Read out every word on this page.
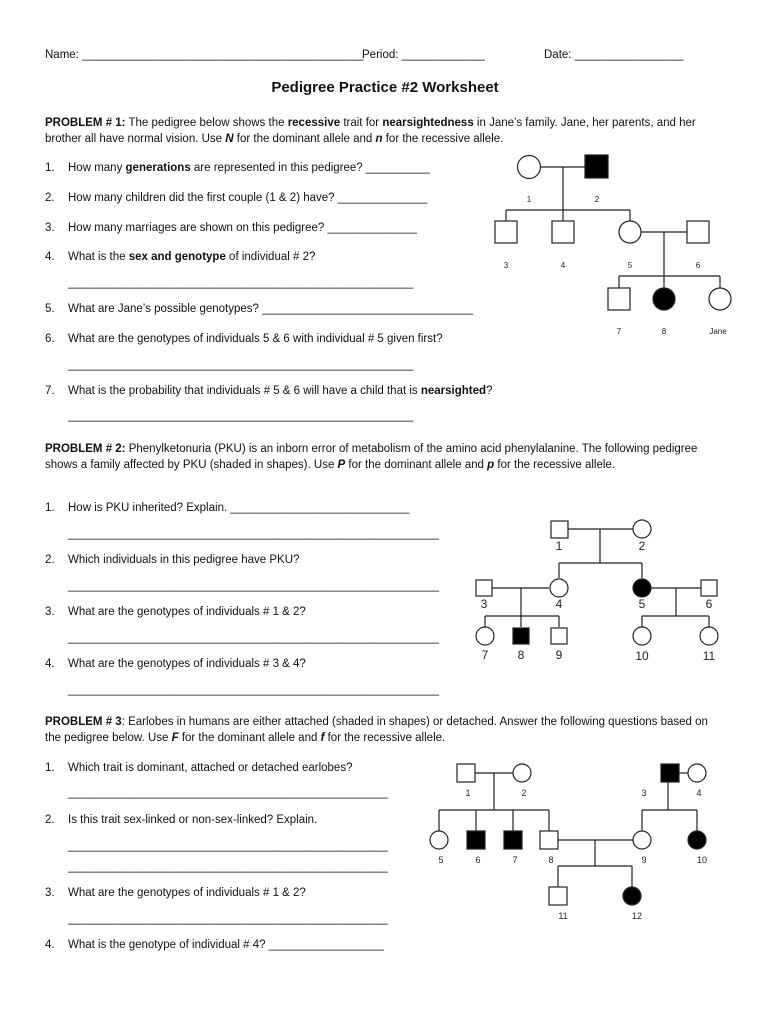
Name: ____________________________________________
Period: _____________	Date: _________________
Pedigree Practice #2 Worksheet
PROBLEM # 1: The pedigree below shows the recessive trait for nearsightedness in Jane’s family. Jane, her parents, and her brother all have normal vision. Use N for the dominant allele and n for the recessive allele.
1. How many generations are represented in this pedigree? __________
2. How many children did the first couple (1 & 2) have? ______________
3. How many marriages are shown on this pedigree? ______________
4. What is the sex and genotype of individual # 2?
______________________________________________________
5. What are Jane’s possible genotypes? _________________________________
6. What are the genotypes of individuals 5 & 6 with individual # 5 given first?
______________________________________________________
7. What is the probability that individuals # 5 & 6 will have a child that is nearsighted?
______________________________________________________
PROBLEM # 2: Phenylketonuria (PKU) is an inborn error of metabolism of the amino acid phenylalanine. The following pedigree shows a family affected by PKU (shaded in shapes). Use P for the dominant allele and p for the recessive allele.
1. How is PKU inherited? Explain. ____________________________
__________________________________________________________
2. Which individuals in this pedigree have PKU?
__________________________________________________________
3. What are the genotypes of individuals # 1 & 2?
__________________________________________________________
4. What are the genotypes of individuals # 3 & 4?
__________________________________________________________
PROBLEM # 3: Earlobes in humans are either attached (shaded in shapes) or detached. Answer the following questions based on the pedigree below. Use F for the dominant allele and f for the recessive allele.
1. Which trait is dominant, attached or detached earlobes?
__________________________________________________
2. Is this trait sex-linked or non-sex-linked? Explain.
__________________________________________________
__________________________________________________
3. What are the genotypes of individuals # 1 & 2?
__________________________________________________
4. What is the genotype of individual # 4? __________________
1	2
3	4	5	6
7	8	Jane
1	2
3	4	5	6
7 8	9	10	11
1	2	3	4
5	6	7	8	9	10
11	12
